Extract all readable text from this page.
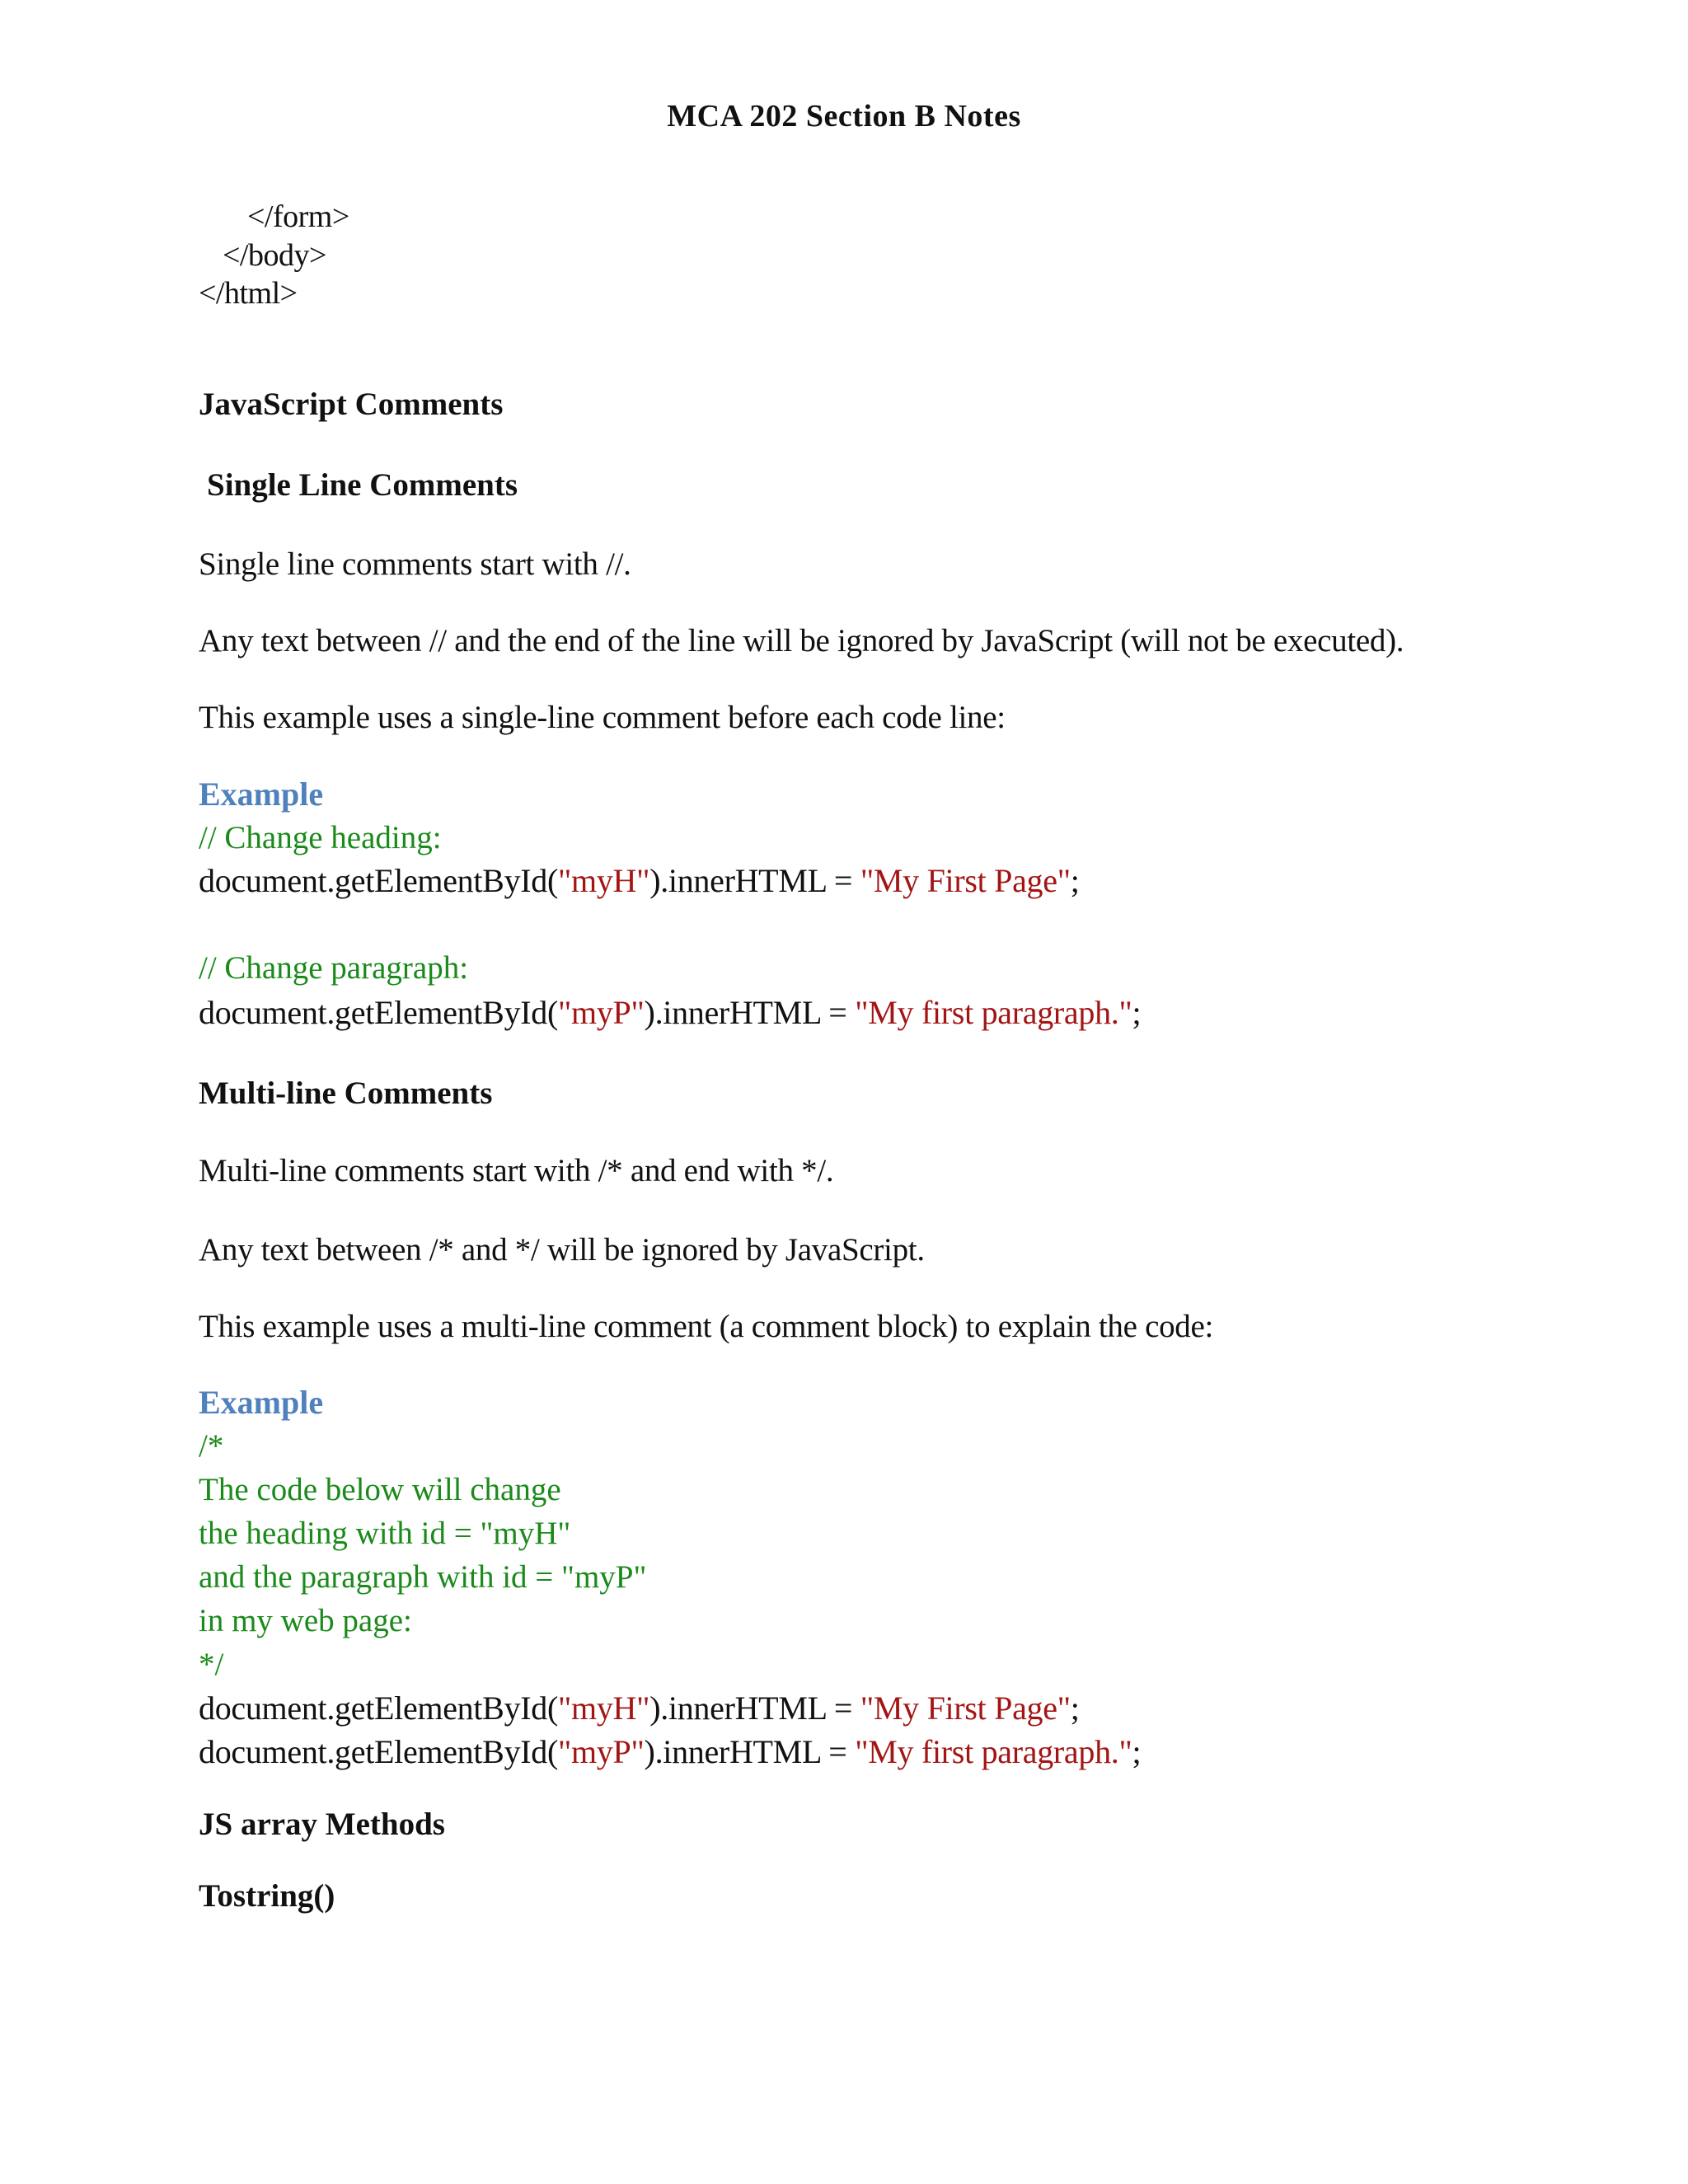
MCA 202 Section B Notes

</form>

</body>

</html>

JavaScript Comments
Single Line Comments

Single line comments start with //.

Any text between // and the end of the line will be ignored by JavaScript (will not be executed).

This example uses a single-line comment before each code line:

Example

// Change heading:

document.getElementById("myH").innerHTML = "My First Page";

// Change paragraph:

document.getElementById("myP").innerHTML = "My first paragraph.";

Multi-line Comments

Multi-line comments start with /* and end with */.

Any text between /* and */ will be ignored by JavaScript.

This example uses a multi-line comment (a comment block) to explain the code:

Example

/*

The code below will change

the heading with id = "myH"

and the paragraph with id = "myP"

in my web page:

*/

document.getElementById("myH").innerHTML = "My First Page";

document.getElementById("myP").innerHTML = "My first paragraph.";

JS array Methods
Tostring()
